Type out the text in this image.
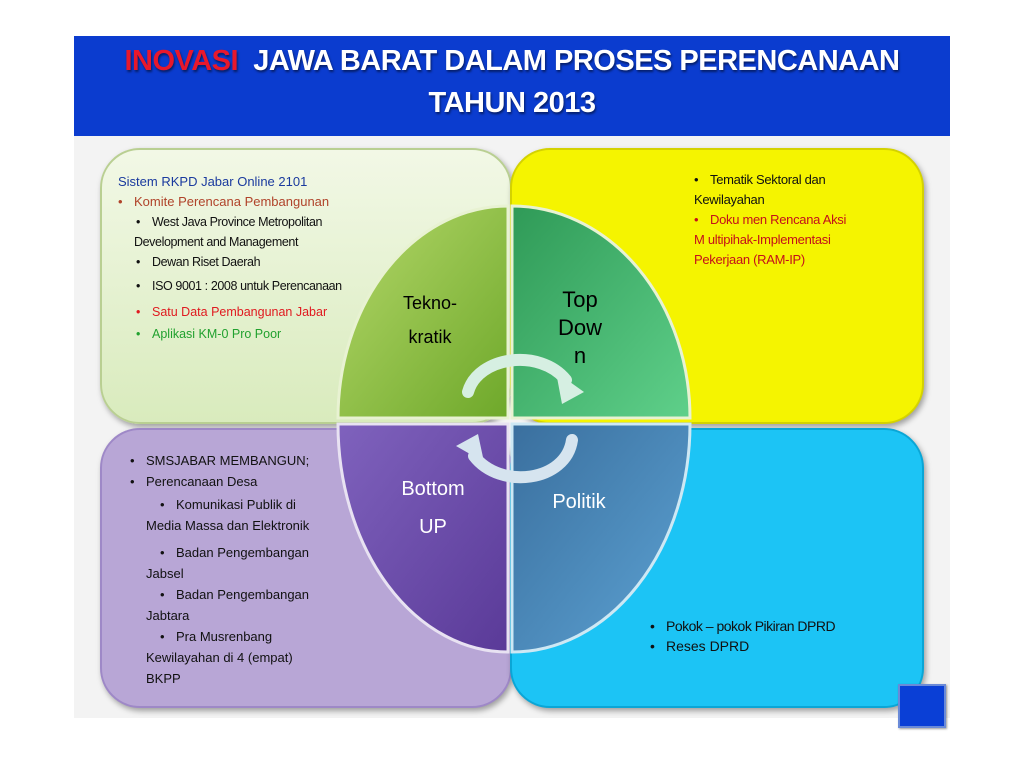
INOVASI JAWA BARAT DALAM PROSES PERENCANAAN
TAHUN 2013
Tekno-
kratik
Top
Dow
n
Bottom
UP
Politik
Sistem RKPD Jabar Online 2101
• Komite Perencana Pembangunan
• West Java Province Metropolitan
Development and Management
• Dewan Riset Daerah
• ISO 9001 : 2008 untuk Perencanaan
• Satu Data Pembangunan Jabar
• Aplikasi KM-0 Pro Poor
• Tematik Sektoral dan
Kewilayahan
• Doku men Rencana Aksi
M ultipihak-Implementasi
Pekerjaan (RAM-IP)
• SMSJABAR MEMBANGUN;
• Perencanaan Desa
• Komunikasi Publik di
Media Massa dan Elektronik
• Badan Pengembangan
Jabsel
• Badan Pengembangan
Jabtara
• Pra Musrenbang
Kewilayahan di 4 (empat)
BKPP
• Pokok – pokok Pikiran DPRD
• Reses DPRD
